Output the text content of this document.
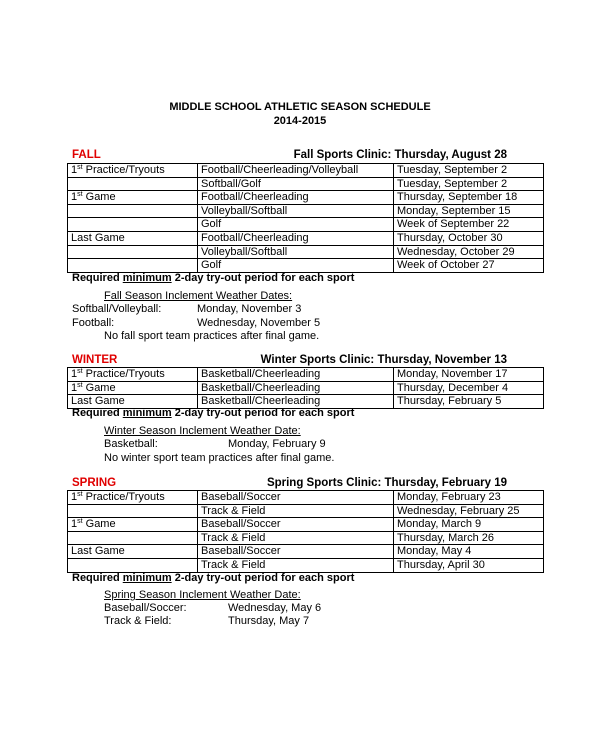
MIDDLE SCHOOL ATHLETIC SEASON SCHEDULE
2014-2015
FALL	Fall Sports Clinic: Thursday, August 28
1st Practice/Tryouts	Football/Cheerleading/Volleyball	Tuesday, September 2
	Softball/Golf	Tuesday, September 2
1st Game	Football/Cheerleading	Thursday, September 18
	Volleyball/Softball	Monday, September 15
	Golf	Week of September 22
Last Game	Football/Cheerleading	Thursday, October 30
	Volleyball/Softball	Wednesday, October 29
	Golf	Week of October 27
Required minimum 2-day try-out period for each sport
Fall Season Inclement Weather Dates:
Softball/Volleyball:	Monday, November 3
Football:	Wednesday, November 5
No fall sport team practices after final game.
WINTER	Winter Sports Clinic: Thursday, November 13
1st Practice/Tryouts	Basketball/Cheerleading	Monday, November 17
1st Game	Basketball/Cheerleading	Thursday, December 4
Last Game	Basketball/Cheerleading	Thursday, February 5
Required minimum 2-day try-out period for each sport
Winter Season Inclement Weather Date:
Basketball:	Monday, February 9
No winter sport team practices after final game.
SPRING	Spring Sports Clinic: Thursday, February 19
1st Practice/Tryouts	Baseball/Soccer	Monday, February 23
	Track & Field	Wednesday, February 25
1st Game	Baseball/Soccer	Monday, March 9
	Track & Field	Thursday, March 26
Last Game	Baseball/Soccer	Monday, May 4
	Track & Field	Thursday, April 30
Required minimum 2-day try-out period for each sport
Spring Season Inclement Weather Date:
Baseball/Soccer:	Wednesday, May 6
Track & Field:	Thursday, May 7
